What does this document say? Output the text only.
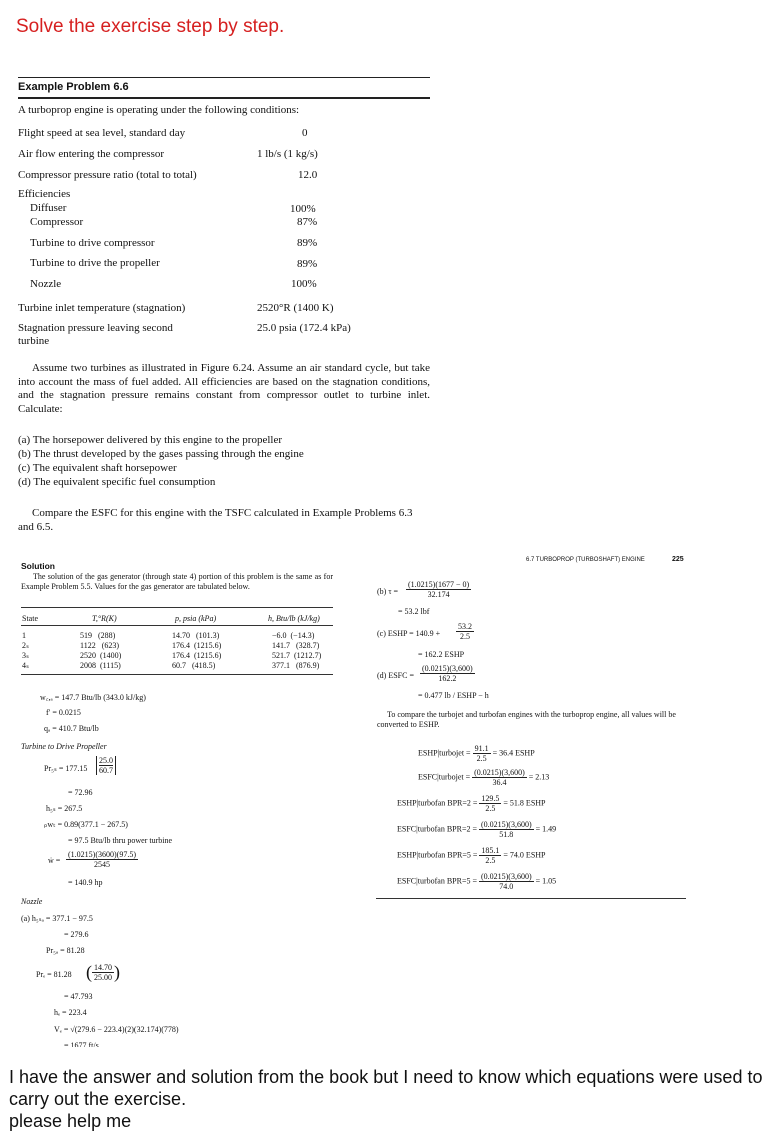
Solve the exercise step by step.
Example Problem 6.6
A turboprop engine is operating under the following conditions:
Flight speed at sea level, standard day	0
Air flow entering the compressor	1 lb/s (1 kg/s)
Compressor pressure ratio (total to total)	12.0
Efficiencies
Diffuser	100%
Compressor	87%
Turbine to drive compressor	89%
Turbine to drive the propeller	89%
Nozzle	100%
Turbine inlet temperature (stagnation)	2520°R (1400 K)
Stagnation pressure leaving second	25.0 psia (172.4 kPa)
turbine
Assume two turbines as illustrated in Figure 6.24. Assume an air standard cycle, but take into account the mass of fuel added. All efficiencies are based on the stagnation conditions, and the stagnation pressure remains constant from compressor outlet to turbine inlet. Calculate:
(a) The horsepower delivered by this engine to the propeller
(b) The thrust developed by the gases passing through the engine
(c) The equivalent shaft horsepower
(d) The equivalent specific fuel consumption
Compare the ESFC for this engine with the TSFC calculated in Example Problems 6.3 and 6.5.
Solution
The solution of the gas generator (through state 4) portion of this problem is the same as for Example Problem 5.5. Values for the gas generator are tabulated below.
State	T,°R(K)	p, psia (kPa)	h, Btu/lb (kJ/kg)
1	519   (288)	14.70   (101.3)	−6.0  (−14.3)
2ₛ	1122   (623)	176.4  (1215.6)	141.7   (328.7)
3ₛ	2520  (1400)	176.4  (1215.6)	521.7  (1212.7)
4ₛ	2008  (1115)	60.7   (418.5)	377.1   (876.9)
w꜀,ₐ = 147.7 Btu/lb (343.0 kJ/kg)
f′ = 0.0215
qₐ = 410.7 Btu/lb
Turbine to Drive Propeller
$Pr_{5s} = 177.15 \frac{25.0}{60.7}$
= 72.96
h₅ₛ = 267.5
ₚwₜ = 0.89(377.1 − 267.5)
= 97.5 Btu/lb thru power turbine
ẇ = $\frac{(1.0215)(3600)(97.5)}{2545}$
= 140.9 hp
Nozzle
(a) h₅ₛₐ = 377.1 − 97.5
= 279.6
Pr₅ₐ = 81.28
Prₑ = 81.28 ( $\frac{14.70}{25.00}$ )
= 47.793
hₑ = 223.4
Vₑ = √(279.6 − 223.4)(2)(32.174)(778)
= 1677 ft/s
6.7 TURBOPROP (TURBOSHAFT) ENGINE	225
(b) $\tau = \frac{(1.0215)(1677 - 0)}{32.174}$
= 53.2 lbf
(c) ESHP = $140.9 + \frac{53.2}{2.5}$
= 162.2 ESHP
(d) ESFC = $\frac{(0.0215)(3,600)}{162.2}$
= 0.477 lb / ESHP − h
To compare the turbojet and turbofan engines with the turboprop engine, all values will be converted to ESHP.
ESHP|turbojet = $\frac{91.1}{2.5} = 36.4$ ESHP
ESFC|turbojet = $\frac{(0.0215)(3,600)}{36.4} = 2.13$
ESHP|turbofan $BPR=2 = \frac{129.5}{2.5} = 51.8$ ESHP
ESFC|turbofan $BPR=2 = \frac{(0.0215)(3,600)}{51.8} = 1.49$
ESHP|turbofan $BPR=5 = \frac{185.1}{2.5} = 74.0$ ESHP
ESFC|turbofan $BPR=5 = \frac{(0.0215)(3,600)}{74.0} = 1.05$
I have the answer and solution from the book but I need to know which equations were used to carry out the exercise.
please help me
